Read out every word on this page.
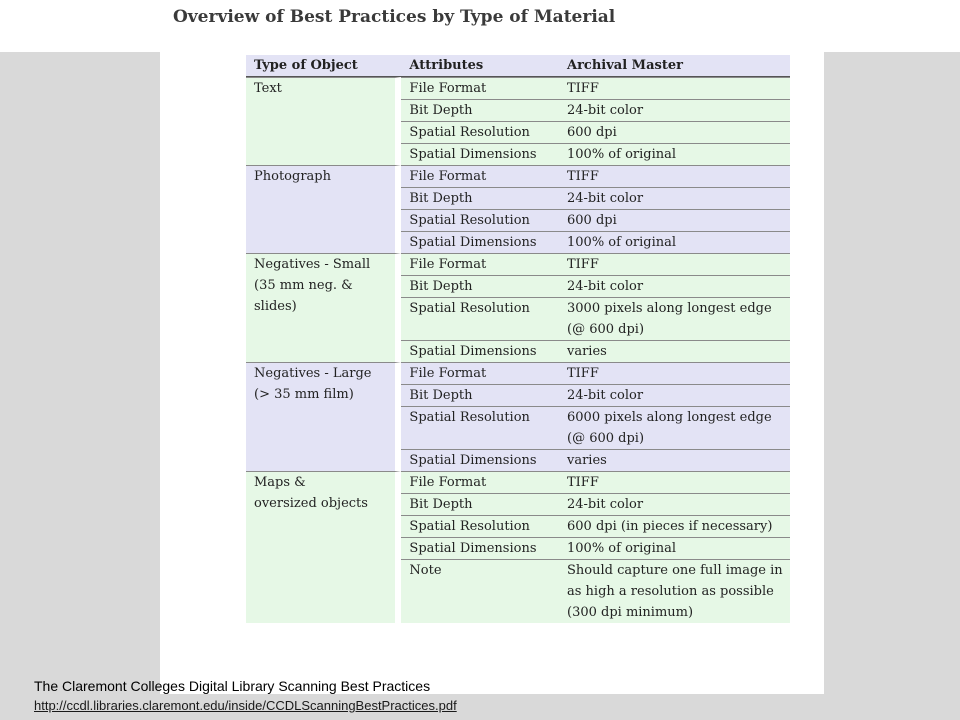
Overview of Best Practices by Type of Material
Type of Object	Attributes	Archival Master

Text	File Format	TIFF
	Bit Depth	24-bit color
	Spatial Resolution	600 dpi
	Spatial Dimensions	100% of original

Photograph	File Format	TIFF
	Bit Depth	24-bit color
	Spatial Resolution	600 dpi
	Spatial Dimensions	100% of original

Negatives - Small
(35 mm neg. & slides)	File Format	TIFF
	Bit Depth	24-bit color
	Spatial Resolution	3000 pixels along longest edge (@ 600 dpi)
	Spatial Dimensions	varies

Negatives - Large
(> 35 mm film)	File Format	TIFF
	Bit Depth	24-bit color
	Spatial Resolution	6000 pixels along longest edge (@ 600 dpi)
	Spatial Dimensions	varies

Maps &
oversized objects	File Format	TIFF
	Bit Depth	24-bit color
	Spatial Resolution	600 dpi (in pieces if necessary)
	Spatial Dimensions	100% of original
	Note	Should capture one full image in as high a resolution as possible (300 dpi minimum)
The Claremont Colleges Digital Library Scanning Best Practices
http://ccdl.libraries.claremont.edu/inside/CCDLScanningBestPractices.pdf
